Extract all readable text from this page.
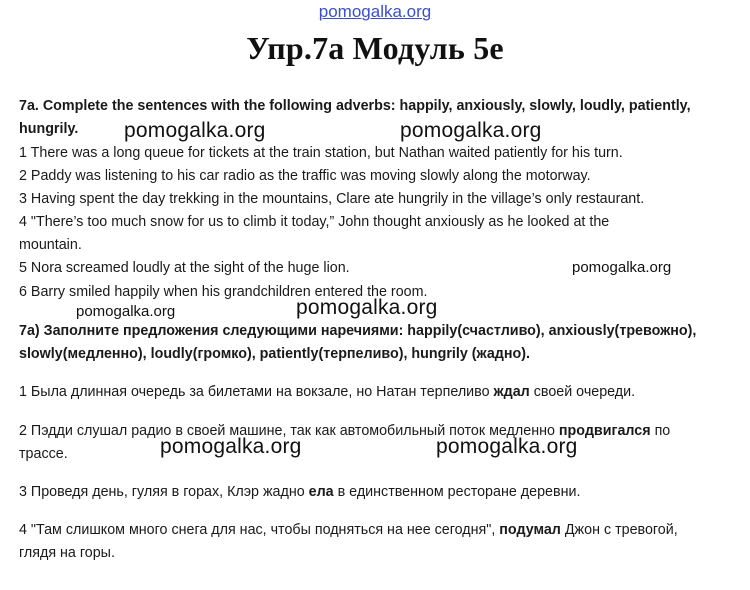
pomogalka.org
Упр.7а Модуль 5е
7a. Complete the sentences with the following adverbs: happily, anxiously, slowly, loudly, patiently,
hungrily.
1 There was a long queue for tickets at the train station, but Nathan waited patiently for his turn.
2 Paddy was listening to his car radio as the traffic was moving slowly along the motorway.
3 Having spent the day trekking in the mountains, Clare ate hungrily in the village’s only restaurant.
4 "There’s too much snow for us to climb it today,” John thought anxiously as he looked at the
mountain.
5 Nora screamed loudly at the sight of the huge lion.
6 Barry smiled happily when his grandchildren entered the room.
7а) Заполните предложения следующими наречиями: happily(счастливо), anxiously(тревожно),
slowly(медленно), loudly(громко), patiently(терпеливо), hungrily (жадно).
1 Была длинная очередь за билетами на вокзале, но Натан терпеливо ждал своей очереди.
2 Пэдди слушал радио в своей машине, так как автомобильный поток медленно продвигался по
трассе.
3 Проведя день, гуляя в горах, Клэр жадно ела в единственном ресторане деревни.
4 "Там слишком много снега для нас, чтобы подняться на нее сегодня", подумал Джон с тревогой,
глядя на горы.
pomogalka.org	pomogalka.org
pomogalka.org
pomogalka.org	pomogalka.org
pomogalka.org	pomogalka.org
